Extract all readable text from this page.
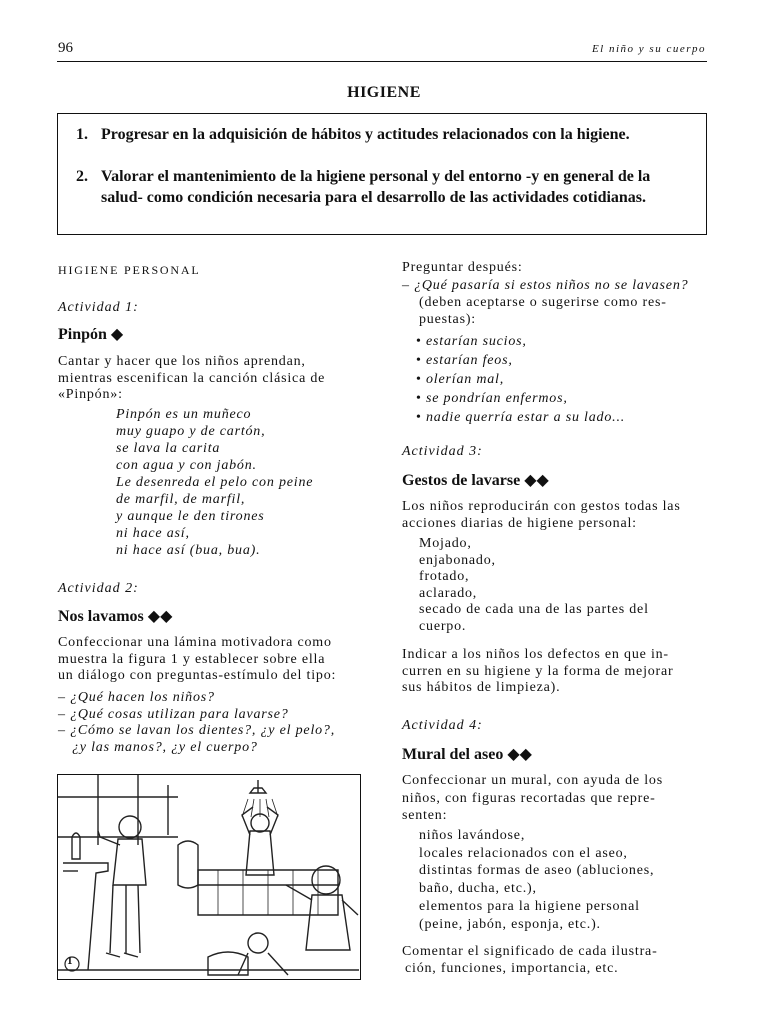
96	El niño y su cuerpo
HIGIENE
1. Progresar en la adquisición de hábitos y actitudes relacionados con la higiene.
2. Valorar el mantenimiento de la higiene personal y del entorno -y en general de la salud- como condición necesaria para el desarrollo de las actividades cotidianas.
HIGIENE PERSONAL
Actividad 1:
Pinpón ◆
Cantar y hacer que los niños aprendan,
mientras escenifican la canción clásica de
«Pinpón»:
Pinpón es un muñeco
muy guapo y de cartón,
se lava la carita
con agua y con jabón.
Le desenreda el pelo con peine
de marfil, de marfil,
y aunque le den tirones
ni hace así,
ni hace así (bua, bua).
Actividad 2:
Nos lavamos ◆◆
Confeccionar una lámina motivadora como
muestra la figura 1 y establecer sobre ella
un diálogo con preguntas-estímulo del tipo:
– ¿Qué hacen los niños?
– ¿Qué cosas utilizan para lavarse?
– ¿Cómo se lavan los dientes?, ¿y el pelo?,
¿y las manos?, ¿y el cuerpo?
1
Preguntar después:
– ¿Qué pasaría si estos niños no se lavasen?
(deben aceptarse o sugerirse como res-
puestas):
• estarían sucios,
• estarían feos,
• olerían mal,
• se pondrían enfermos,
• nadie querría estar a su lado...
Actividad 3:
Gestos de lavarse ◆◆
Los niños reproducirán con gestos todas las
acciones diarias de higiene personal:
Mojado,
enjabonado,
frotado,
aclarado,
secado de cada una de las partes del
cuerpo.
Indicar a los niños los defectos en que in-
curren en su higiene y la forma de mejorar
sus hábitos de limpieza).
Actividad 4:
Mural del aseo ◆◆
Confeccionar un mural, con ayuda de los
niños, con figuras recortadas que repre-
senten:
niños lavándose,
locales relacionados con el aseo,
distintas formas de aseo (abluciones,
baño, ducha, etc.),
elementos para la higiene personal
(peine, jabón, esponja, etc.).
Comentar el significado de cada ilustra-
ción, funciones, importancia, etc.
